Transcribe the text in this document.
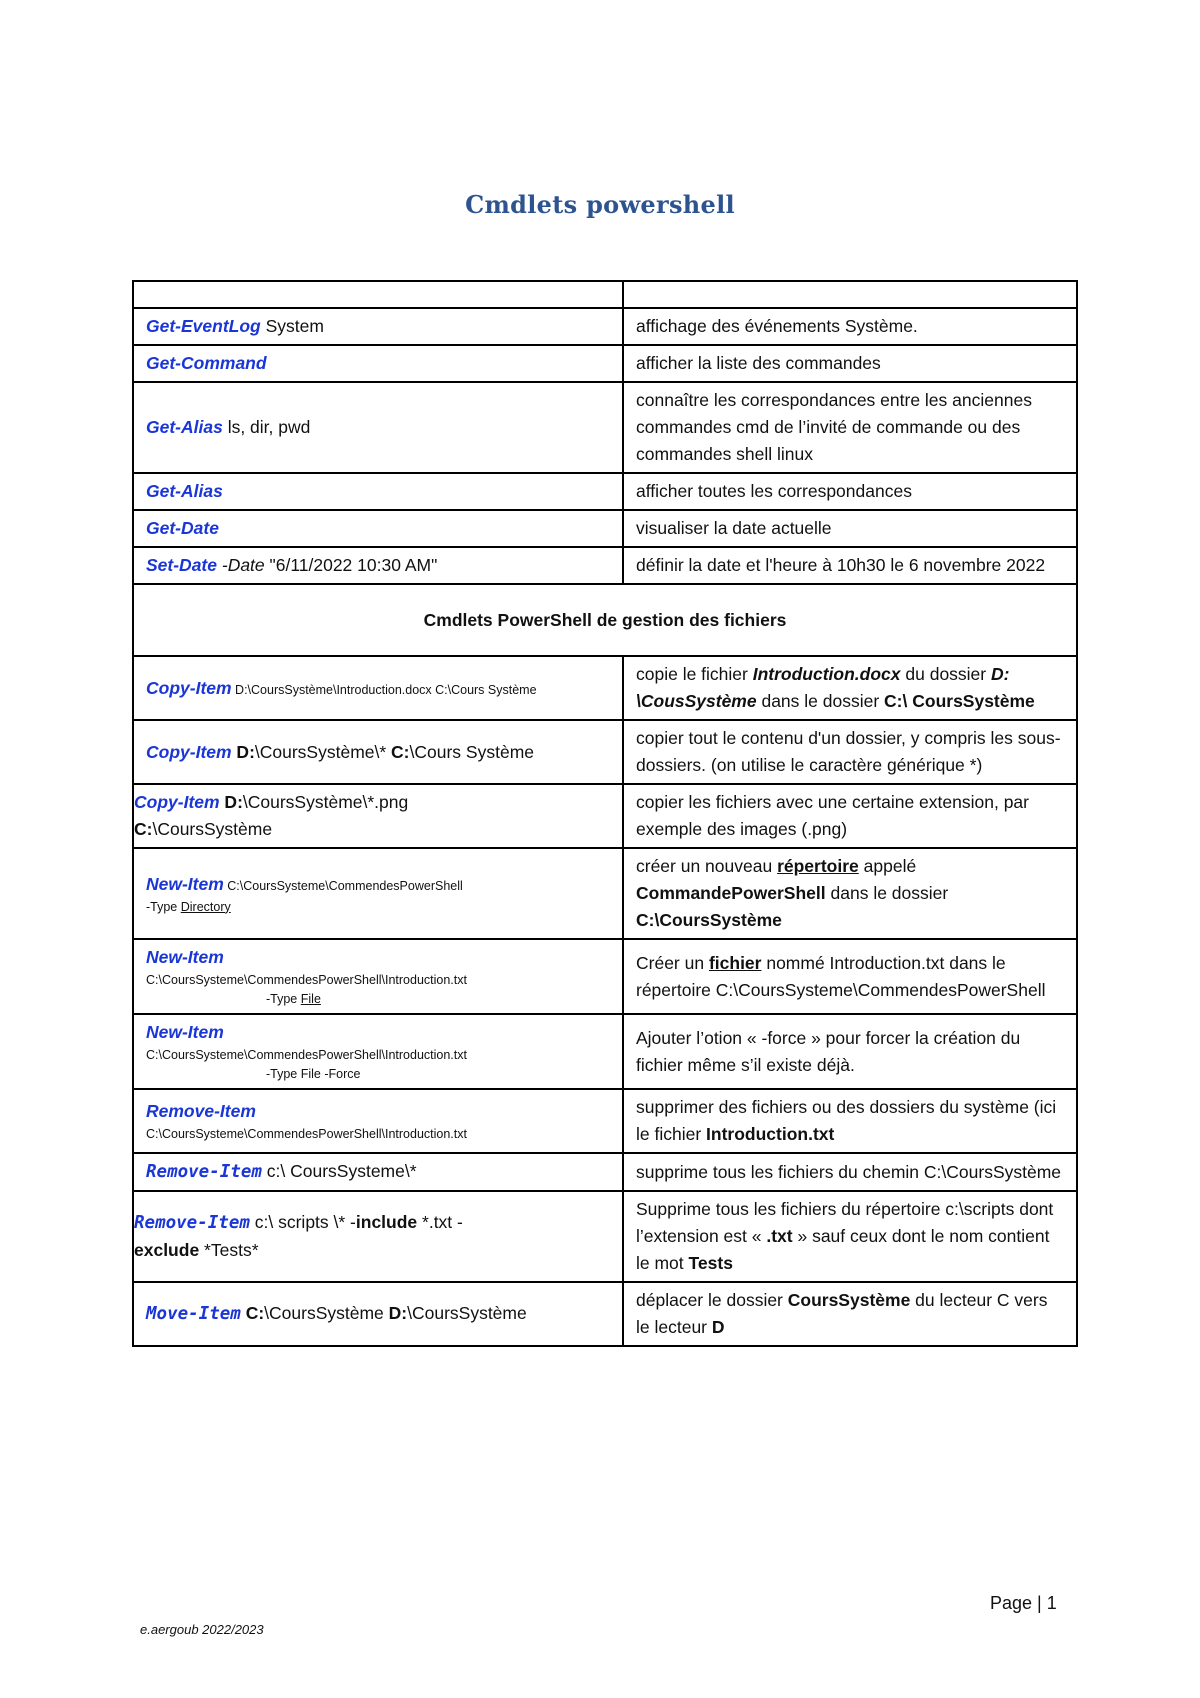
Cmdlets powershell

Get-EventLog System	affichage des événements Système.
Get-Command	afficher la liste des commandes
Get-Alias ls, dir, pwd	connaître les correspondances entre les anciennes commandes cmd de l’invité de commande ou des commandes shell linux
Get-Alias	afficher toutes les correspondances
Get-Date	visualiser la date actuelle
Set-Date -Date "6/11/2022 10:30 AM"	définir la date et l'heure à 10h30 le 6 novembre 2022
Cmdlets PowerShell de gestion des fichiers	
Copy-Item D:\CoursSystème\Introduction.docx C:\Cours Système	copie le fichier Introduction.docx du dossier D: \CousSystème dans le dossier C:\ CoursSystème
Copy-Item D:\CoursSystème\* C:\Cours Système	copier tout le contenu d'un dossier, y compris les sous-dossiers. (on utilise le caractère générique *)
Copy-Item D:\CoursSystème\*.png
C:\CoursSystème	copier les fichiers avec une certaine extension, par exemple des images (.png)
New-Item C:\CoursSysteme\CommendesPowerShell
-Type Directory	créer un nouveau répertoire appelé CommandePowerShell dans le dossier C:\CoursSystème
New-Item
C:\CoursSysteme\CommendesPowerShell\Introduction.txt
-Type File	Créer un fichier nommé Introduction.txt dans le répertoire C:\CoursSysteme\CommendesPowerShell
New-Item
C:\CoursSysteme\CommendesPowerShell\Introduction.txt
-Type File -Force	Ajouter l’otion « -force » pour forcer la création du fichier même s’il existe déjà.
Remove-Item
C:\CoursSysteme\CommendesPowerShell\Introduction.txt	supprimer des fichiers ou des dossiers du système (ici le fichier Introduction.txt
Remove-Item c:\ CoursSysteme\*	supprime tous les fichiers du chemin C:\CoursSystème
Remove-Item c:\ scripts \* -include *.txt -
exclude *Tests*	Supprime tous les fichiers du répertoire c:\scripts dont l’extension est « .txt » sauf ceux dont le nom contient le mot Tests
Move-Item C:\CoursSystème D:\CoursSystème	déplacer le dossier CoursSystème du lecteur C vers le lecteur D
Page | 1
e.aergoub 2022/2023
